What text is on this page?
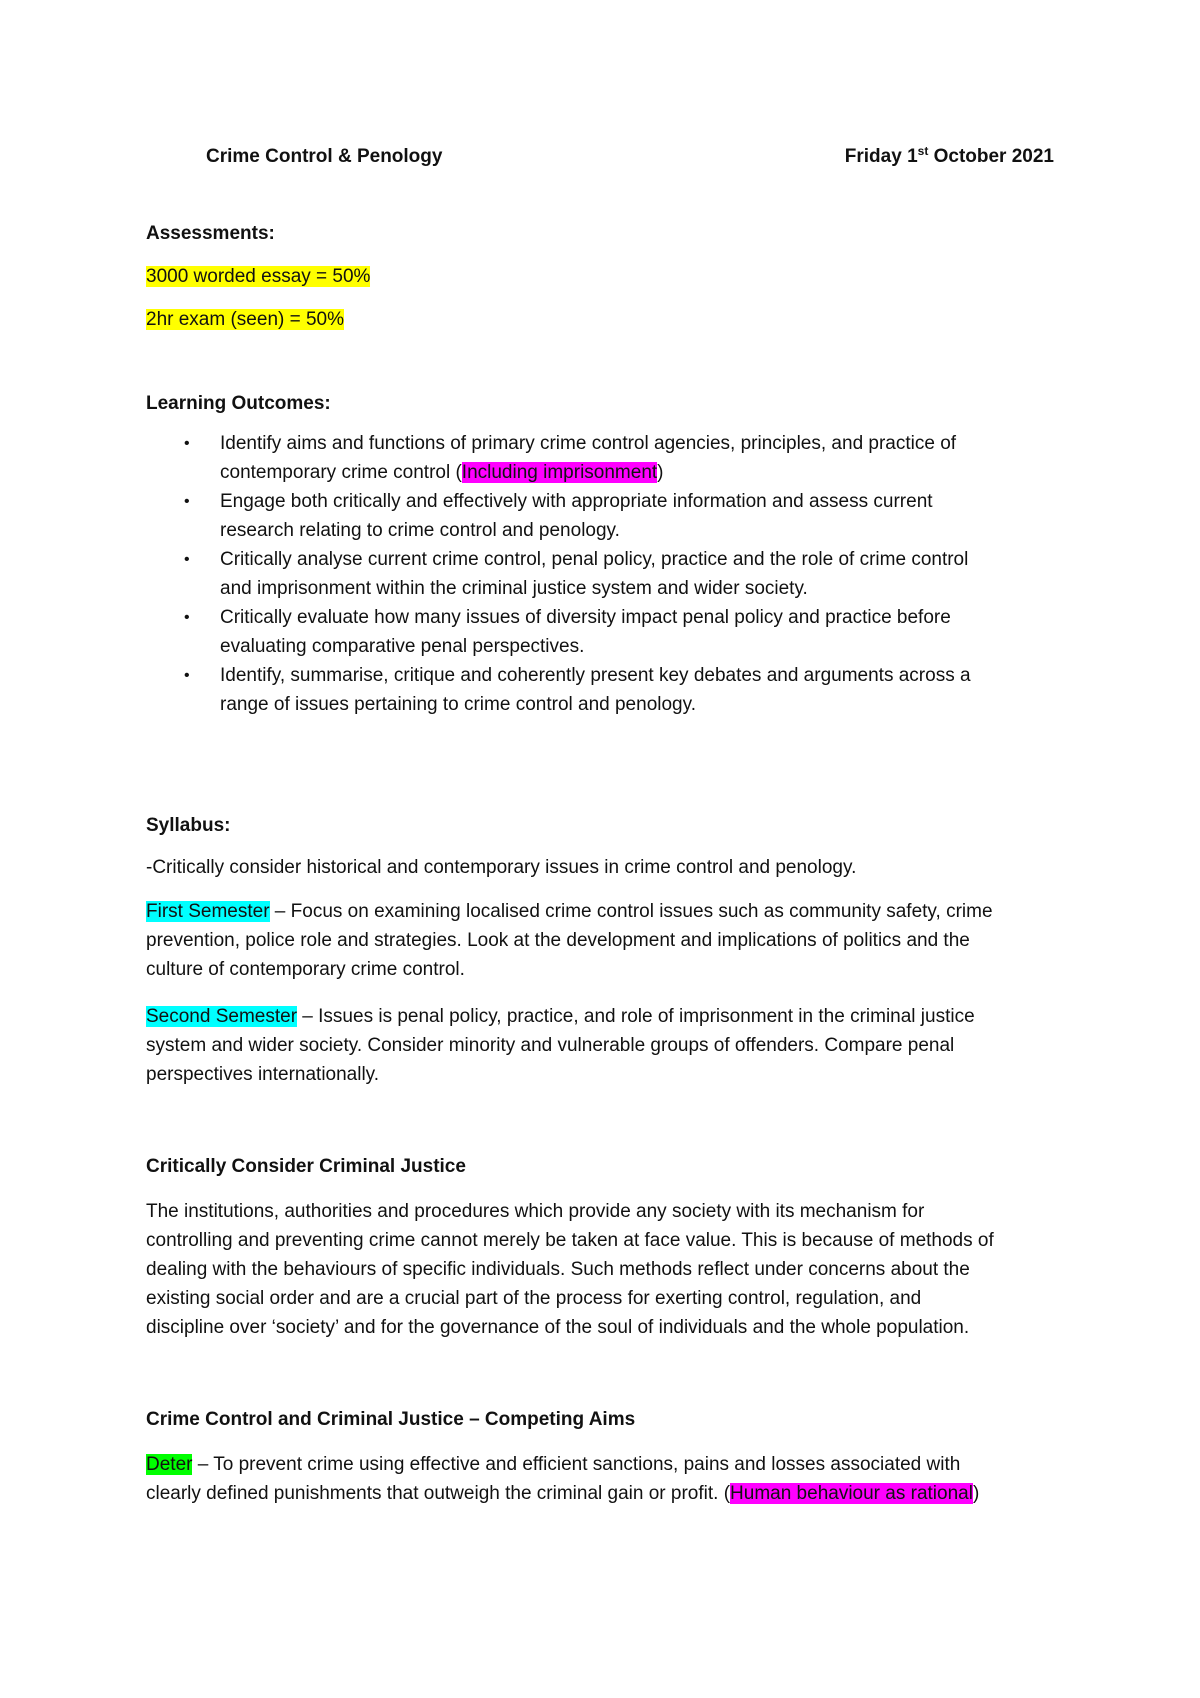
Crime Control & Penology	Friday 1st October 2021
Assessments:
3000 worded essay = 50%
2hr exam (seen) = 50%
Learning Outcomes:
• Identify aims and functions of primary crime control agencies, principles, and practice of
contemporary crime control (Including imprisonment)
• Engage both critically and effectively with appropriate information and assess current
research relating to crime control and penology.
• Critically analyse current crime control, penal policy, practice and the role of crime control
and imprisonment within the criminal justice system and wider society.
• Critically evaluate how many issues of diversity impact penal policy and practice before
evaluating comparative penal perspectives.
• Identify, summarise, critique and coherently present key debates and arguments across a
range of issues pertaining to crime control and penology.
Syllabus:
-Critically consider historical and contemporary issues in crime control and penology.
First Semester – Focus on examining localised crime control issues such as community safety, crime
prevention, police role and strategies. Look at the development and implications of politics and the
culture of contemporary crime control.
Second Semester – Issues is penal policy, practice, and role of imprisonment in the criminal justice
system and wider society. Consider minority and vulnerable groups of offenders. Compare penal
perspectives internationally.
Critically Consider Criminal Justice
The institutions, authorities and procedures which provide any society with its mechanism for
controlling and preventing crime cannot merely be taken at face value. This is because of methods of
dealing with the behaviours of specific individuals. Such methods reflect under concerns about the
existing social order and are a crucial part of the process for exerting control, regulation, and
discipline over ‘society’ and for the governance of the soul of individuals and the whole population.
Crime Control and Criminal Justice – Competing Aims
Deter – To prevent crime using effective and efficient sanctions, pains and losses associated with
clearly defined punishments that outweigh the criminal gain or profit. (Human behaviour as rational)
